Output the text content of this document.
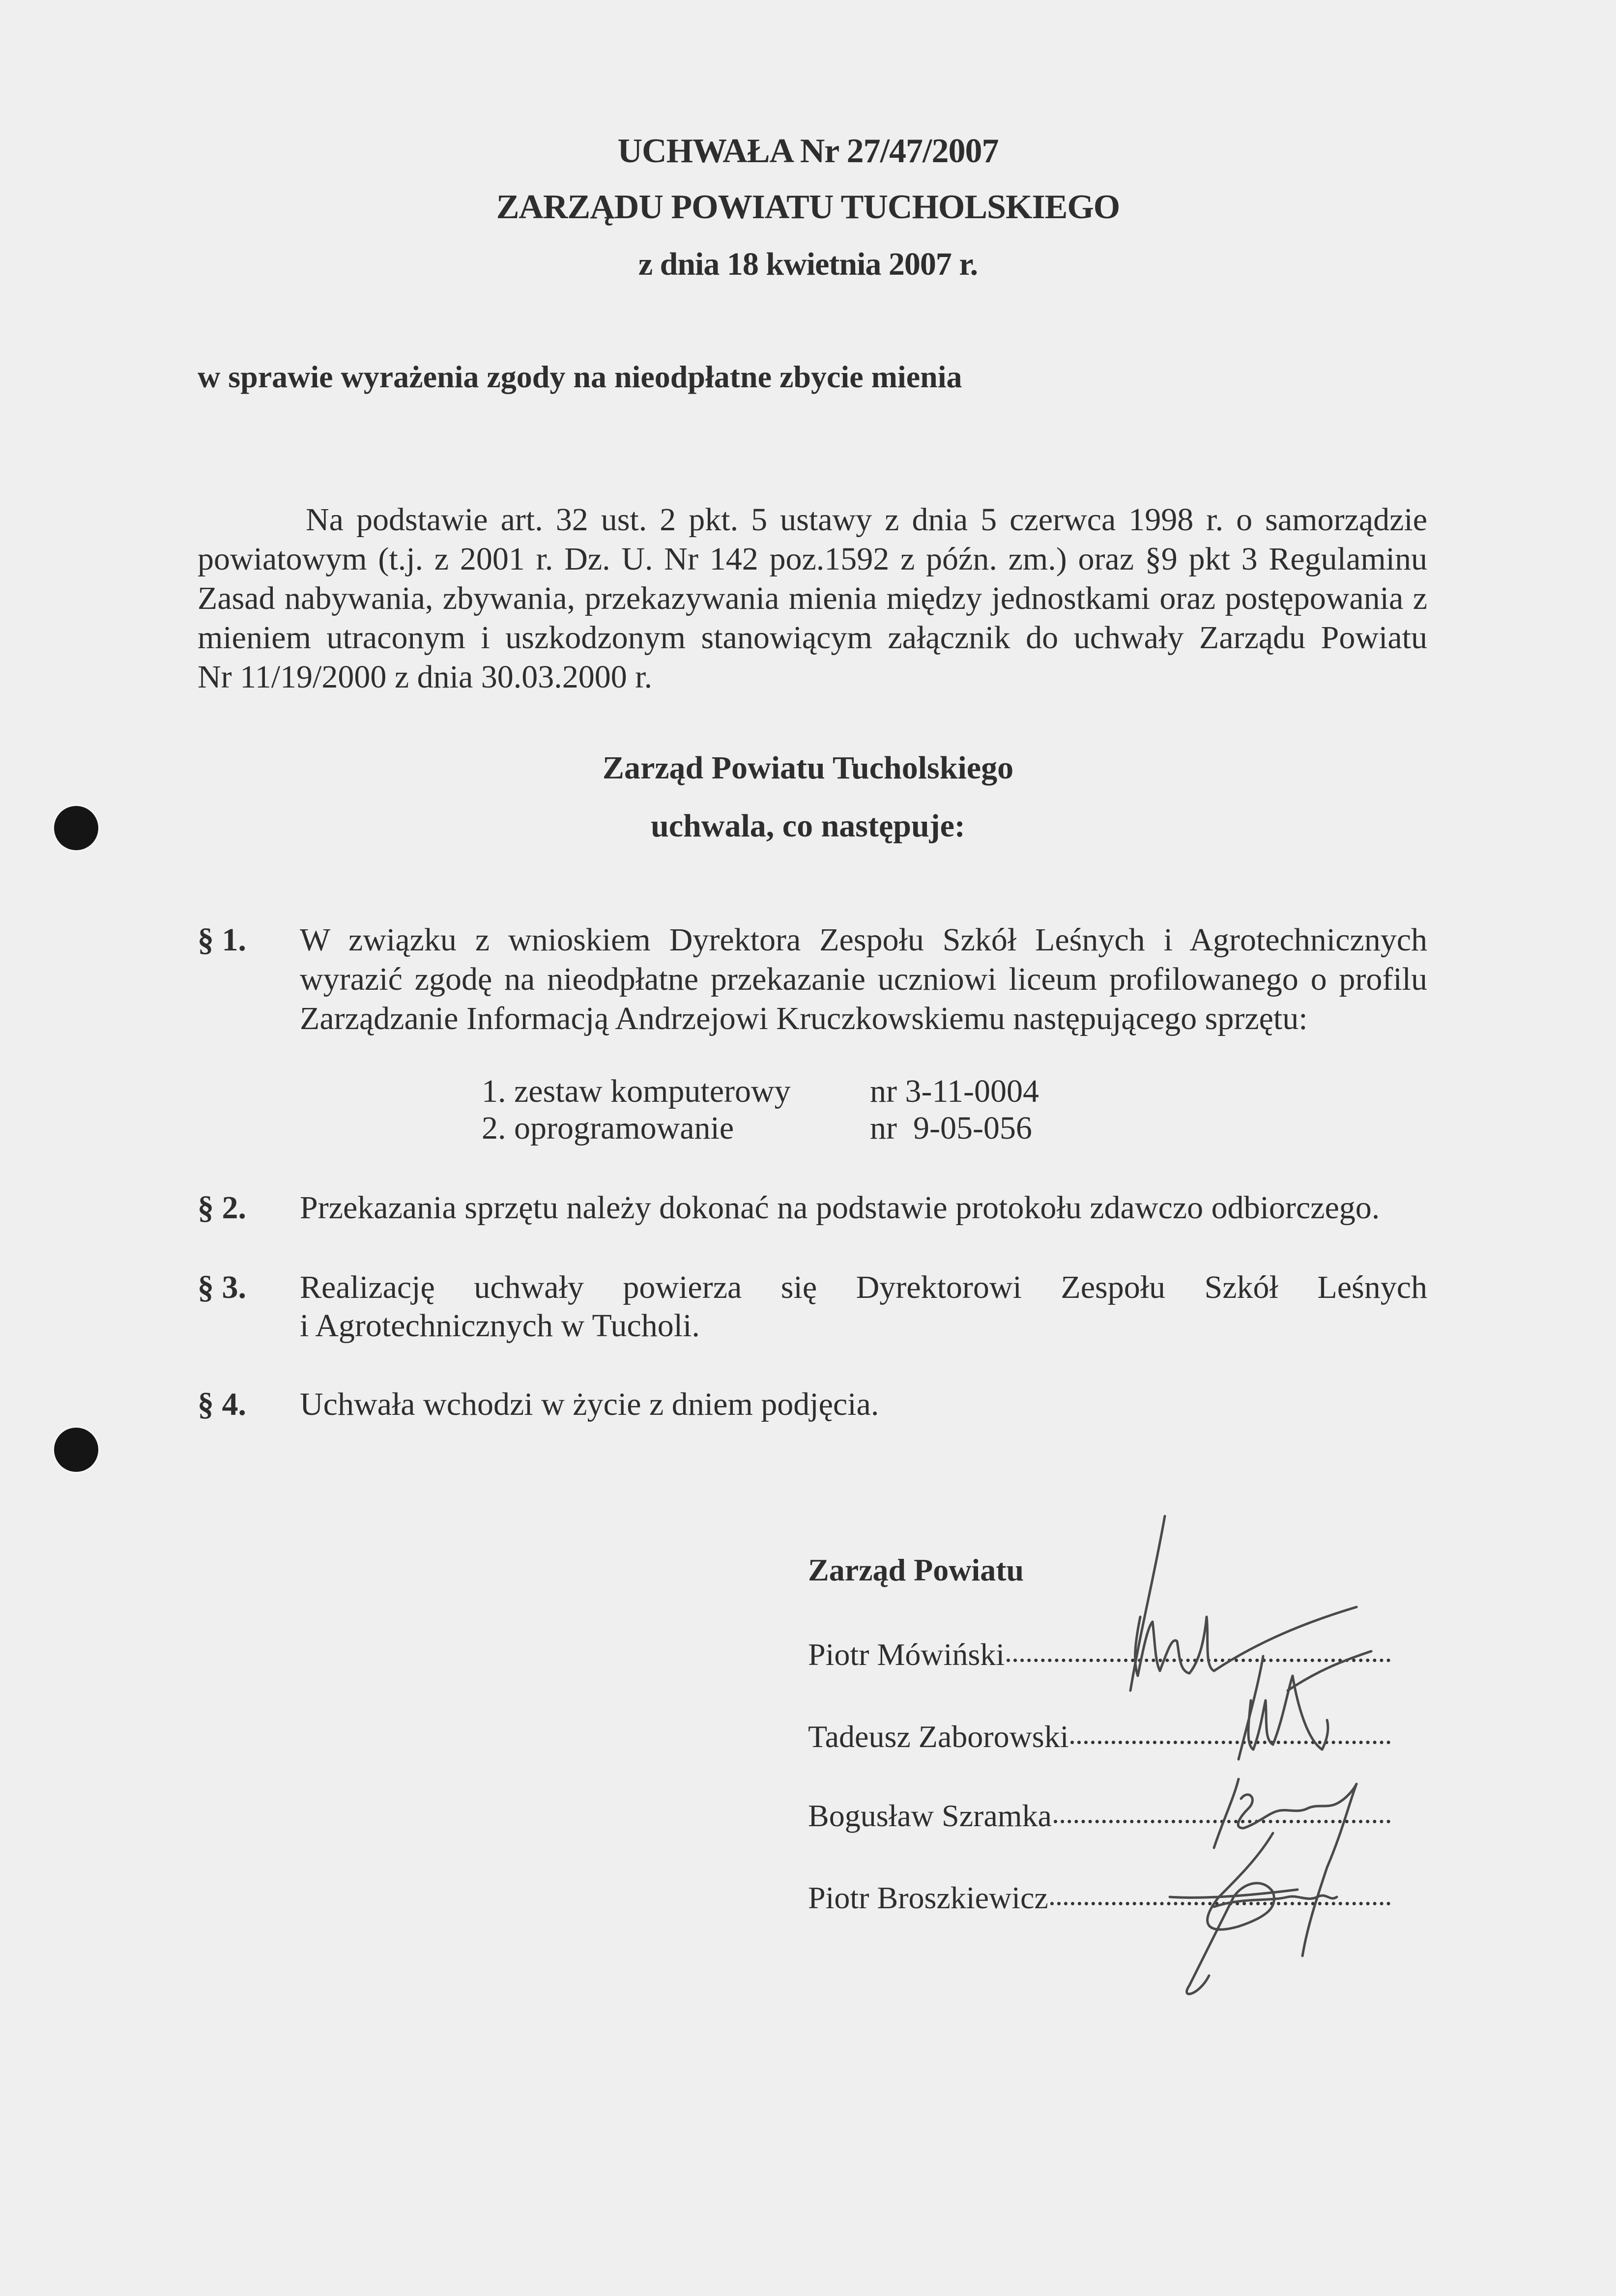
UCHWAŁA Nr 27/47/2007
ZARZĄDU POWIATU TUCHOLSKIEGO
z dnia 18 kwietnia 2007 r.
w sprawie wyrażenia zgody na nieodpłatne zbycie mienia
Na podstawie art. 32 ust. 2 pkt. 5 ustawy z dnia 5 czerwca 1998 r. o samorządzie
powiatowym (t.j. z 2001 r. Dz. U. Nr 142 poz.1592 z późn. zm.) oraz §9 pkt 3 Regulaminu
Zasad nabywania, zbywania, przekazywania mienia między jednostkami oraz postępowania z
mieniem utraconym i uszkodzonym stanowiącym załącznik do uchwały Zarządu Powiatu
Nr 11/19/2000 z dnia 30.03.2000 r.
Zarząd Powiatu Tucholskiego
uchwala, co następuje:
§ 1. W związku z wnioskiem Dyrektora Zespołu Szkół Leśnych i Agrotechnicznych
wyrazić zgodę na nieodpłatne przekazanie uczniowi liceum profilowanego o profilu
Zarządzanie Informacją Andrzejowi Kruczkowskiemu następującego sprzętu:
1. zestaw komputerowy nr 3-11-0004
2. oprogramowanie	nr  9-05-056
§ 2. Przekazania sprzętu należy dokonać na podstawie protokołu zdawczo odbiorczego.
§ 3. Realizację uchwały powierza się Dyrektorowi Zespołu Szkół Leśnych
i Agrotechnicznych w Tucholi.
§ 4. Uchwała wchodzi w życie z dniem podjęcia.
Zarząd Powiatu
Piotr Mówiński
Tadeusz Zaborowski
Bogusław Szramka
Piotr Broszkiewicz
